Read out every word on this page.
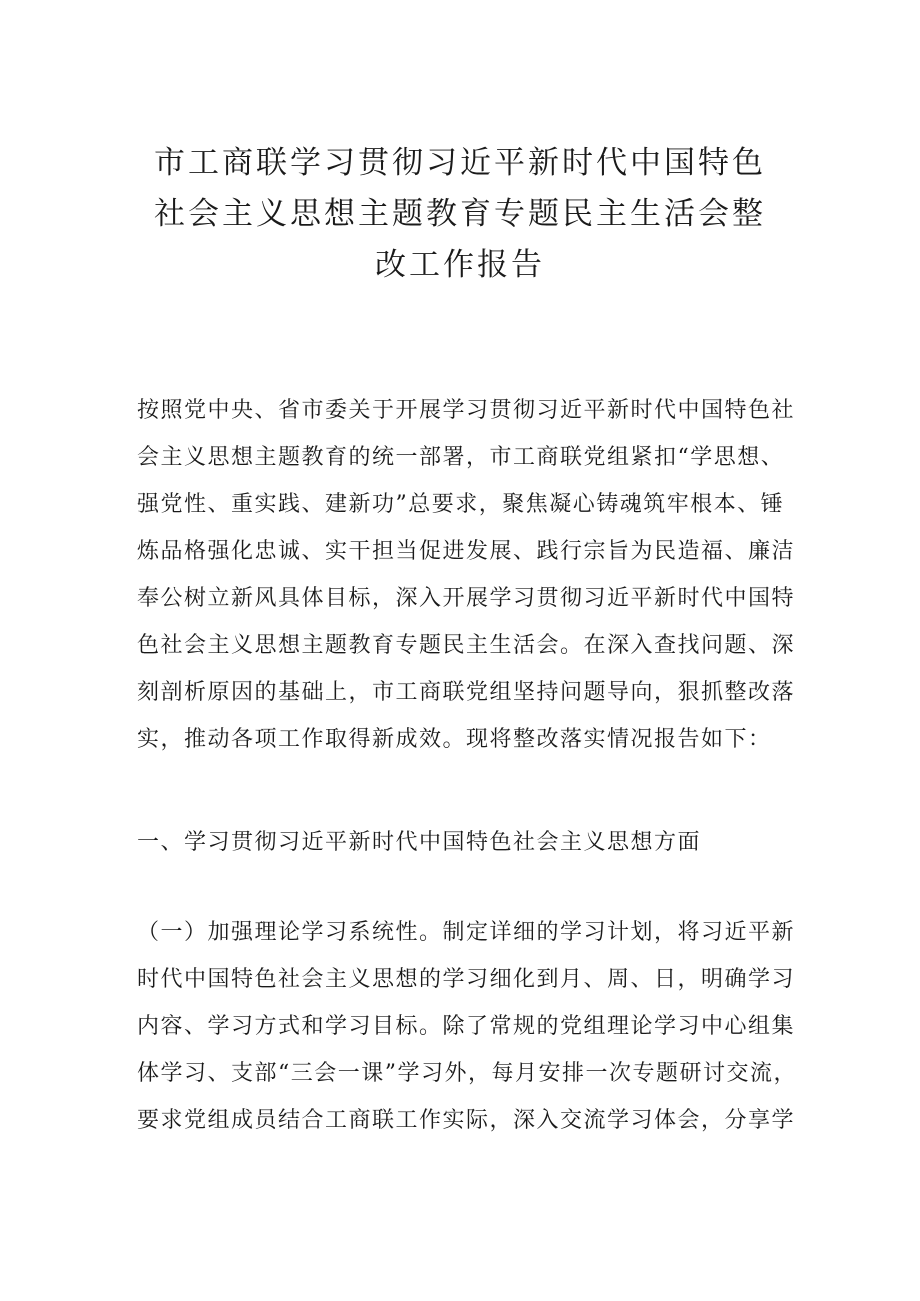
市工商联学习贯彻习近平新时代中国特色
社会主义思想主题教育专题民主生活会整
改工作报告

按照党中央、省市委关于开展学习贯彻习近平新时代中国特色社
会主义思想主题教育的统一部署，市工商联党组紧扣“学思想、
强党性、重实践、建新功”总要求，聚焦凝心铸魂筑牢根本、锤
炼品格强化忠诚、实干担当促进发展、践行宗旨为民造福、廉洁
奉公树立新风具体目标，深入开展学习贯彻习近平新时代中国特
色社会主义思想主题教育专题民主生活会。在深入查找问题、深
刻剖析原因的基础上，市工商联党组坚持问题导向，狠抓整改落
实，推动各项工作取得新成效。现将整改落实情况报告如下：

一、学习贯彻习近平新时代中国特色社会主义思想方面

（一）加强理论学习系统性。制定详细的学习计划，将习近平新
时代中国特色社会主义思想的学习细化到月、周、日，明确学习
内容、学习方式和学习目标。除了常规的党组理论学习中心组集
体学习、支部“三会一课”学习外，每月安排一次专题研讨交流，
要求党组成员结合工商联工作实际，深入交流学习体会，分享学
